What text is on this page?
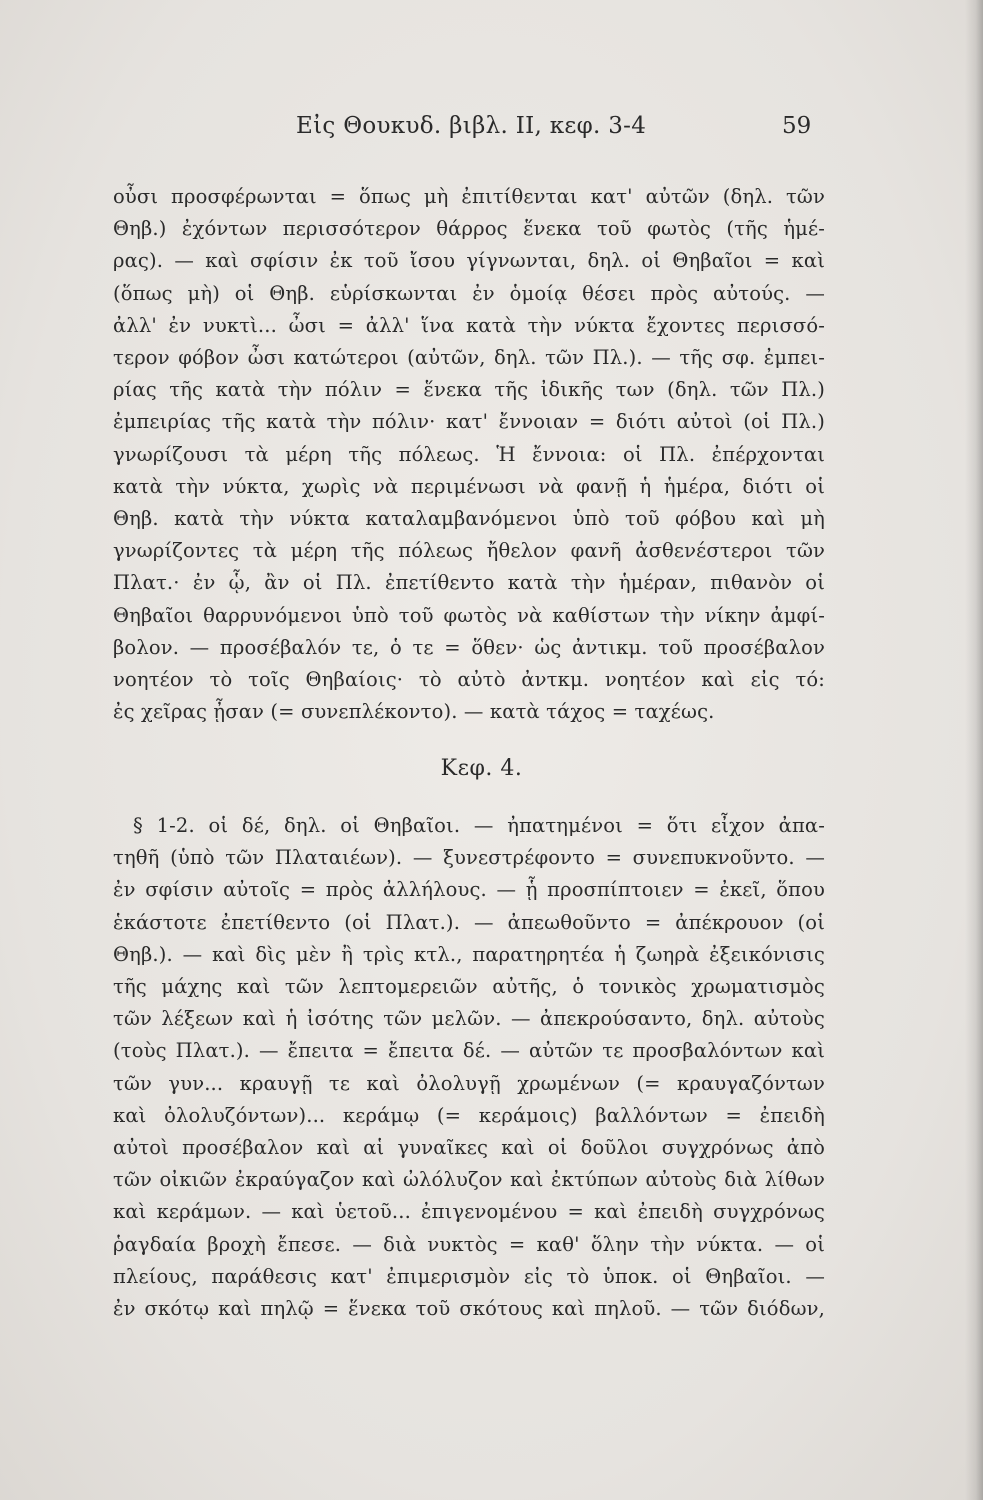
Εἰς Θουκυδ. βιβλ. II, κεφ. 3-4	59
οὖσι προσφέρωνται = ὅπως μὴ ἐπιτίθενται κατ' αὐτῶν (δηλ. τῶν
Θηβ.) ἐχόντων περισσότερον θάρρος ἕνεκα τοῦ φωτὸς (τῆς ἡμέ-
ρας). — καὶ σφίσιν ἐκ τοῦ ἴσου γίγνωνται, δηλ. οἱ Θηβαῖοι = καὶ
(ὅπως μὴ) οἱ Θηβ. εὑρίσκωνται ἐν ὁμοίᾳ θέσει πρὸς αὐτούς. —
ἀλλ' ἐν νυκτὶ... ὦσι = ἀλλ' ἵνα κατὰ τὴν νύκτα ἔχοντες περισσό-
τερον φόβον ὦσι κατώτεροι (αὐτῶν, δηλ. τῶν Πλ.). — τῆς σφ. ἐμπει-
ρίας τῆς κατὰ τὴν πόλιν = ἕνεκα τῆς ἰδικῆς των (δηλ. τῶν Πλ.)
ἐμπειρίας τῆς κατὰ τὴν πόλιν· κατ' ἔννοιαν = διότι αὐτοὶ (οἱ Πλ.)
γνωρίζουσι τὰ μέρη τῆς πόλεως. Ἡ ἔννοια: οἱ Πλ. ἐπέρχονται
κατὰ τὴν νύκτα, χωρὶς νὰ περιμένωσι νὰ φανῇ ἡ ἡμέρα, διότι οἱ
Θηβ. κατὰ τὴν νύκτα καταλαμβανόμενοι ὑπὸ τοῦ φόβου καὶ μὴ
γνωρίζοντες τὰ μέρη τῆς πόλεως ἤθελον φανῆ ἀσθενέστεροι τῶν
Πλατ.· ἐν ᾧ, ἂν οἱ Πλ. ἐπετίθεντο κατὰ τὴν ἡμέραν, πιθανὸν οἱ
Θηβαῖοι θαρρυνόμενοι ὑπὸ τοῦ φωτὸς νὰ καθίστων τὴν νίκην ἀμφί-
βολον. — προσέβαλόν τε, ὁ τε = ὅθεν· ὡς ἀντικμ. τοῦ προσέβαλον
νοητέον τὸ τοῖς Θηβαίοις· τὸ αὐτὸ ἀντκμ. νοητέον καὶ εἰς τό:
ἐς χεῖρας ᾖσαν (= συνεπλέκοντο). — κατὰ τάχος = ταχέως.
Κεφ. 4.
§ 1-2. οἱ δέ, δηλ. οἱ Θηβαῖοι. — ἠπατημένοι = ὅτι εἶχον ἀπα-
τηθῆ (ὑπὸ τῶν Πλαταιέων). — ξυνεστρέφοντο = συνεπυκνοῦντο. —
ἐν σφίσιν αὐτοῖς = πρὸς ἀλλήλους. — ᾗ προσπίπτοιεν = ἐκεῖ, ὅπου
ἑκάστοτε ἐπετίθεντο (οἱ Πλατ.). — ἀπεωθοῦντο = ἀπέκρουον (οἱ
Θηβ.). — καὶ δὶς μὲν ἢ τρὶς κτλ., παρατηρητέα ἡ ζωηρὰ ἐξεικόνισις
τῆς μάχης καὶ τῶν λεπτομερειῶν αὐτῆς, ὁ τονικὸς χρωματισμὸς
τῶν λέξεων καὶ ἡ ἰσότης τῶν μελῶν. — ἀπεκρούσαντο, δηλ. αὐτοὺς
(τοὺς Πλατ.). — ἔπειτα = ἔπειτα δέ. — αὐτῶν τε προσβαλόντων καὶ
τῶν γυν... κραυγῇ τε καὶ ὀλολυγῇ χρωμένων (= κραυγαζόντων
καὶ ὀλολυζόντων)... κεράμῳ (= κεράμοις) βαλλόντων = ἐπειδὴ
αὐτοὶ προσέβαλον καὶ αἱ γυναῖκες καὶ οἱ δοῦλοι συγχρόνως ἀπὸ
τῶν οἰκιῶν ἐκραύγαζον καὶ ὠλόλυζον καὶ ἐκτύπων αὐτοὺς διὰ λίθων
καὶ κεράμων. — καὶ ὑετοῦ... ἐπιγενομένου = καὶ ἐπειδὴ συγχρόνως
ῥαγδαία βροχὴ ἔπεσε. — διὰ νυκτὸς = καθ' ὅλην τὴν νύκτα. — οἱ
πλείους, παράθεσις κατ' ἐπιμερισμὸν εἰς τὸ ὑποκ. οἱ Θηβαῖοι. —
ἐν σκότῳ καὶ πηλῷ = ἕνεκα τοῦ σκότους καὶ πηλοῦ. — τῶν διόδων,
